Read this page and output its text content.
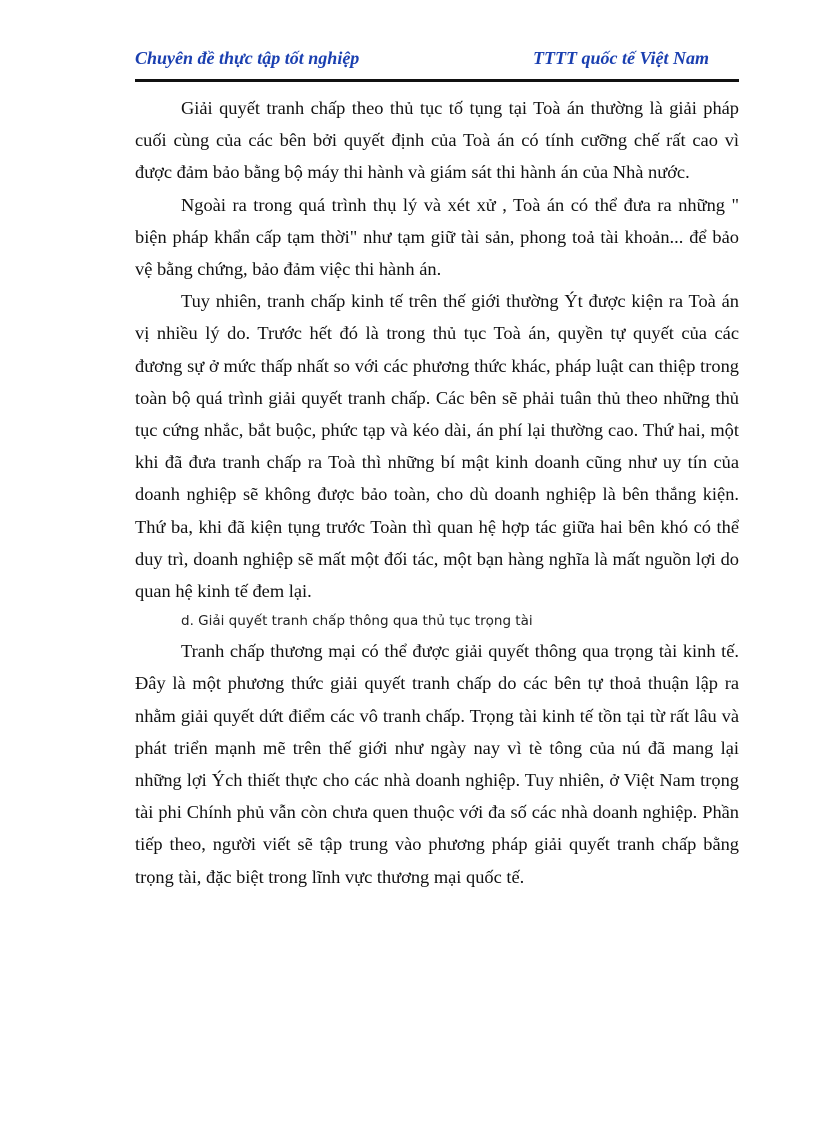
Chuyên đề thực tập tốt nghiệp	TTTT quốc tế Việt Nam

Giải quyết tranh chấp theo thủ tục tố tụng tại Toà án thường là giải pháp cuối cùng của các bên bởi quyết định của Toà án có tính cưỡng chế rất cao vì được đảm bảo bằng bộ máy thi hành và giám sát thi hành án của Nhà nước.

Ngoài ra trong quá trình thụ lý và xét xử , Toà án có thể đưa ra những " biện pháp khẩn cấp tạm thời" như tạm giữ tài sản, phong toả tài khoản... để bảo vệ bằng chứng, bảo đảm việc thi hành án.

Tuy nhiên, tranh chấp kinh tế trên thế giới thường Ýt được kiện ra Toà án vị nhiều lý do. Trước hết đó là trong thủ tục Toà án, quyền tự quyết của các đương sự ở mức thấp nhất so với các phương thức khác, pháp luật can thiệp trong toàn bộ quá trình giải quyết tranh chấp. Các bên sẽ phải tuân thủ theo những thủ tục cứng nhắc, bắt buộc, phức tạp và kéo dài, án phí lại thường cao. Thứ hai, một khi đã đưa tranh chấp ra Toà thì những bí mật kinh doanh cũng như uy tín của doanh nghiệp sẽ không được bảo toàn, cho dù doanh nghiệp là bên thắng kiện. Thứ ba, khi đã kiện tụng trước Toàn thì quan hệ hợp tác giữa hai bên khó có thể duy trì, doanh nghiệp sẽ mất một đối tác, một bạn hàng nghĩa là mất nguồn lợi do quan hệ kinh tế đem lại.

d. Giải quyết tranh chấp thông qua thủ tục trọng tài

Tranh chấp thương mại có thể được giải quyết thông qua trọng tài kinh tế. Đây là một phương thức giải quyết tranh chấp do các bên tự thoả thuận lập ra nhằm giải quyết dứt điểm các vô tranh chấp. Trọng tài kinh tế tồn tại từ rất lâu và phát triển mạnh mẽ trên thế giới như ngày nay vì tè tông của nú đã mang lại những lợi Ých thiết thực cho các nhà doanh nghiệp. Tuy nhiên, ở Việt Nam trọng tài phi Chính phủ vẫn còn chưa quen thuộc với đa số các nhà doanh nghiệp. Phần tiếp theo, người viết sẽ tập trung vào phương pháp giải quyết tranh chấp bằng trọng tài, đặc biệt trong lĩnh vực thương mại quốc tế.
